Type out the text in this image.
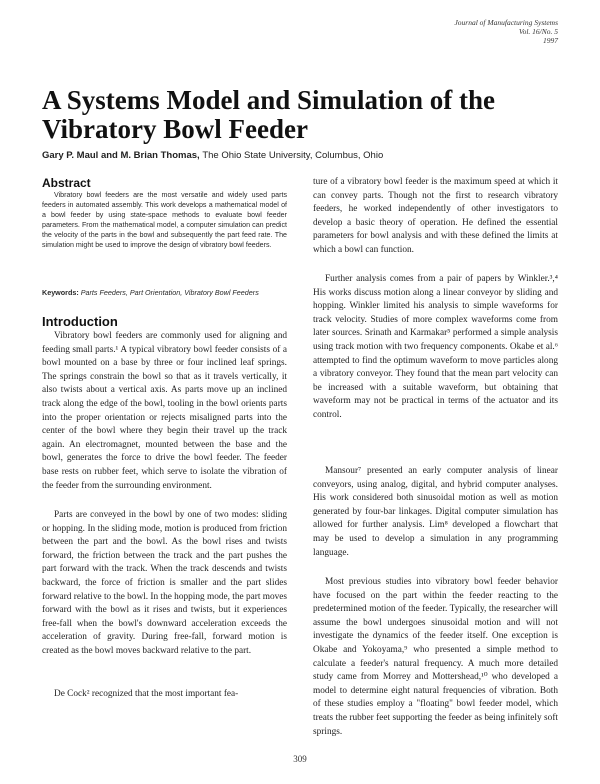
Journal of Manufacturing Systems
Vol. 16/No. 5
1997
A Systems Model and Simulation of the Vibratory Bowl Feeder
Gary P. Maul and M. Brian Thomas, The Ohio State University, Columbus, Ohio
Abstract

Vibratory bowl feeders are the most versatile and widely used parts feeders in automated assembly. This work develops a mathematical model of a bowl feeder by using state-space methods to evaluate bowl feeder parameters. From the mathematical model, a computer simulation can predict the velocity of the parts in the bowl and subsequently the part feed rate. The simulation might be used to improve the design of vibratory bowl feeders.

Keywords: Parts Feeders, Part Orientation, Vibratory Bowl Feeders

Introduction

Vibratory bowl feeders are commonly used for aligning and feeding small parts.¹ A typical vibratory bowl feeder consists of a bowl mounted on a base by three or four inclined leaf springs. The springs constrain the bowl so that as it travels vertically, it also twists about a vertical axis. As parts move up an inclined track along the edge of the bowl, tooling in the bowl orients parts into the proper orientation or rejects misaligned parts into the center of the bowl where they begin their travel up the track again. An electromagnet, mounted between the base and the bowl, generates the force to drive the bowl feeder. The feeder base rests on rubber feet, which serve to isolate the vibration of the feeder from the surrounding environment.

Parts are conveyed in the bowl by one of two modes: sliding or hopping. In the sliding mode, motion is produced from friction between the part and the bowl. As the bowl rises and twists forward, the friction between the track and the part pushes the part forward with the track. When the track descends and twists backward, the force of friction is smaller and the part slides forward relative to the bowl. In the hopping mode, the part moves forward with the bowl as it rises and twists, but it experiences free-fall when the bowl's downward acceleration exceeds the acceleration of gravity. During free-fall, forward motion is created as the bowl moves backward relative to the part.

De Cock² recognized that the most important fea-

ture of a vibratory bowl feeder is the maximum speed at which it can convey parts. Though not the first to research vibratory feeders, he worked independently of other investigators to develop a basic theory of operation. He defined the essential parameters for bowl analysis and with these defined the limits at which a bowl can function.

Further analysis comes from a pair of papers by Winkler.³,⁴ His works discuss motion along a linear conveyor by sliding and hopping. Winkler limited his analysis to simple waveforms for track velocity. Studies of more complex waveforms come from later sources. Srinath and Karmakar⁵ performed a simple analysis using track motion with two frequency components. Okabe et al.⁶ attempted to find the optimum waveform to move particles along a vibratory conveyor. They found that the mean part velocity can be increased with a suitable waveform, but obtaining that waveform may not be practical in terms of the actuator and its control.

Mansour⁷ presented an early computer analysis of linear conveyors, using analog, digital, and hybrid computer analyses. His work considered both sinusoidal motion as well as motion generated by four-bar linkages. Digital computer simulation has allowed for further analysis. Lim⁸ developed a flowchart that may be used to develop a simulation in any programming language.

Most previous studies into vibratory bowl feeder behavior have focused on the part within the feeder reacting to the predetermined motion of the feeder. Typically, the researcher will assume the bowl undergoes sinusoidal motion and will not investigate the dynamics of the feeder itself. One exception is Okabe and Yokoyama,⁹ who presented a simple method to calculate a feeder's natural frequency. A much more detailed study came from Morrey and Mottershead,¹⁰ who developed a model to determine eight natural frequencies of vibration. Both of these studies employ a "floating" bowl feeder model, which treats the rubber feet supporting the feeder as being infinitely soft springs.

309
